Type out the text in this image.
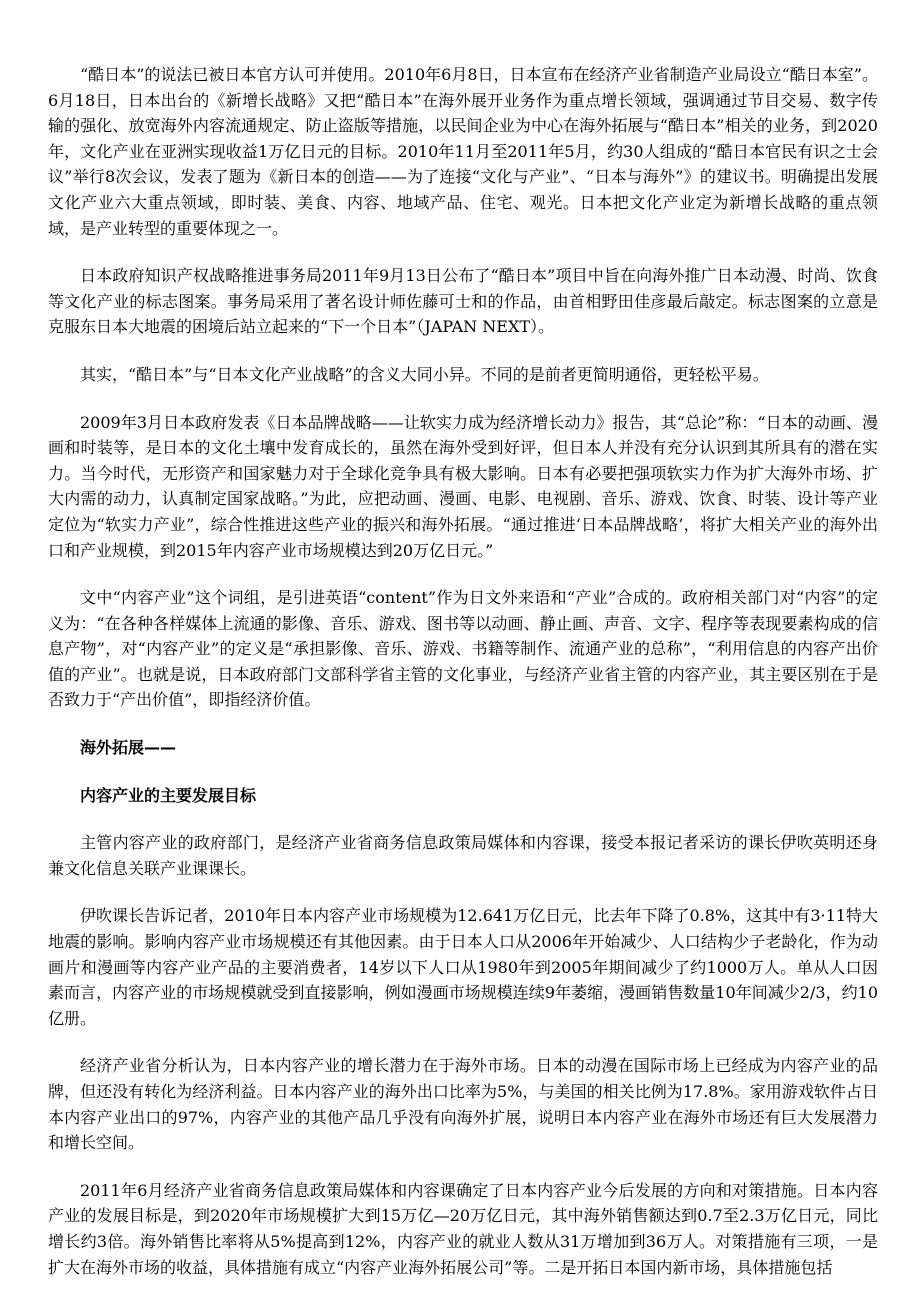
“酷日本”的说法已被日本官方认可并使用。2010年6月8日，日本宣布在经济产业省制造产业局设立“酷日本室”。6月18日，日本出台的《新增长战略》又把“酷日本”在海外展开业务作为重点增长领域，强调通过节目交易、数字传输的强化、放宽海外内容流通规定、防止盗版等措施，以民间企业为中心在海外拓展与“酷日本”相关的业务，到2020年，文化产业在亚洲实现收益1万亿日元的目标。2010年11月至2011年5月，约30人组成的“酷日本官民有识之士会议”举行8次会议，发表了题为《新日本的创造——为了连接“文化与产业”、“日本与海外”》的建议书。明确提出发展文化产业六大重点领域，即时装、美食、内容、地域产品、住宅、观光。日本把文化产业定为新增长战略的重点领域，是产业转型的重要体现之一。

日本政府知识产权战略推进事务局2011年9月13日公布了“酷日本”项目中旨在向海外推广日本动漫、时尚、饮食等文化产业的标志图案。事务局采用了著名设计师佐藤可士和的作品，由首相野田佳彦最后敲定。标志图案的立意是克服东日本大地震的困境后站立起来的“下一个日本”（JAPAN NEXT）。

其实，“酷日本”与“日本文化产业战略”的含义大同小异。不同的是前者更简明通俗，更轻松平易。

2009年3月日本政府发表《日本品牌战略——让软实力成为经济增长动力》报告，其“总论”称：“日本的动画、漫画和时装等，是日本的文化土壤中发育成长的，虽然在海外受到好评，但日本人并没有充分认识到其所具有的潜在实力。当今时代，无形资产和国家魅力对于全球化竞争具有极大影响。日本有必要把强项软实力作为扩大海外市场、扩大内需的动力，认真制定国家战略。”为此，应把动画、漫画、电影、电视剧、音乐、游戏、饮食、时装、设计等产业定位为“软实力产业”，综合性推进这些产业的振兴和海外拓展。“通过推进‘日本品牌战略’，将扩大相关产业的海外出口和产业规模，到2015年内容产业市场规模达到20万亿日元。”

文中“内容产业”这个词组，是引进英语“content”作为日文外来语和“产业”合成的。政府相关部门对“内容”的定义为：“在各种各样媒体上流通的影像、音乐、游戏、图书等以动画、静止画、声音、文字、程序等表现要素构成的信息产物”，对“内容产业”的定义是“承担影像、音乐、游戏、书籍等制作、流通产业的总称”，“利用信息的内容产出价值的产业”。也就是说，日本政府部门文部科学省主管的文化事业，与经济产业省主管的内容产业，其主要区别在于是否致力于“产出价值”，即指经济价值。

海外拓展——

内容产业的主要发展目标

主管内容产业的政府部门，是经济产业省商务信息政策局媒体和内容课，接受本报记者采访的课长伊吹英明还身兼文化信息关联产业课课长。

伊吹课长告诉记者，2010年日本内容产业市场规模为12.641万亿日元，比去年下降了0.8%，这其中有3·11特大地震的影响。影响内容产业市场规模还有其他因素。由于日本人口从2006年开始减少、人口结构少子老龄化，作为动画片和漫画等内容产业产品的主要消费者，14岁以下人口从1980年到2005年期间减少了约1000万人。单从人口因素而言，内容产业的市场规模就受到直接影响，例如漫画市场规模连续9年萎缩，漫画销售数量10年间减少2/3，约10亿册。

经济产业省分析认为，日本内容产业的增长潜力在于海外市场。日本的动漫在国际市场上已经成为内容产业的品牌，但还没有转化为经济利益。日本内容产业的海外出口比率为5%，与美国的相关比例为17.8%。家用游戏软件占日本内容产业出口的97%，内容产业的其他产品几乎没有向海外扩展，说明日本内容产业在海外市场还有巨大发展潜力和增长空间。

2011年6月经济产业省商务信息政策局媒体和内容课确定了日本内容产业今后发展的方向和对策措施。日本内容产业的发展目标是，到2020年市场规模扩大到15万亿—20万亿日元，其中海外销售额达到0.7至2.3万亿日元，同比增长约3倍。海外销售比率将从5%提高到12%，内容产业的就业人数从31万增加到36万人。对策措施有三项，一是扩大在海外市场的收益，具体措施有成立“内容产业海外拓展公司”等。二是开拓日本国内新市场，具体措施包括
